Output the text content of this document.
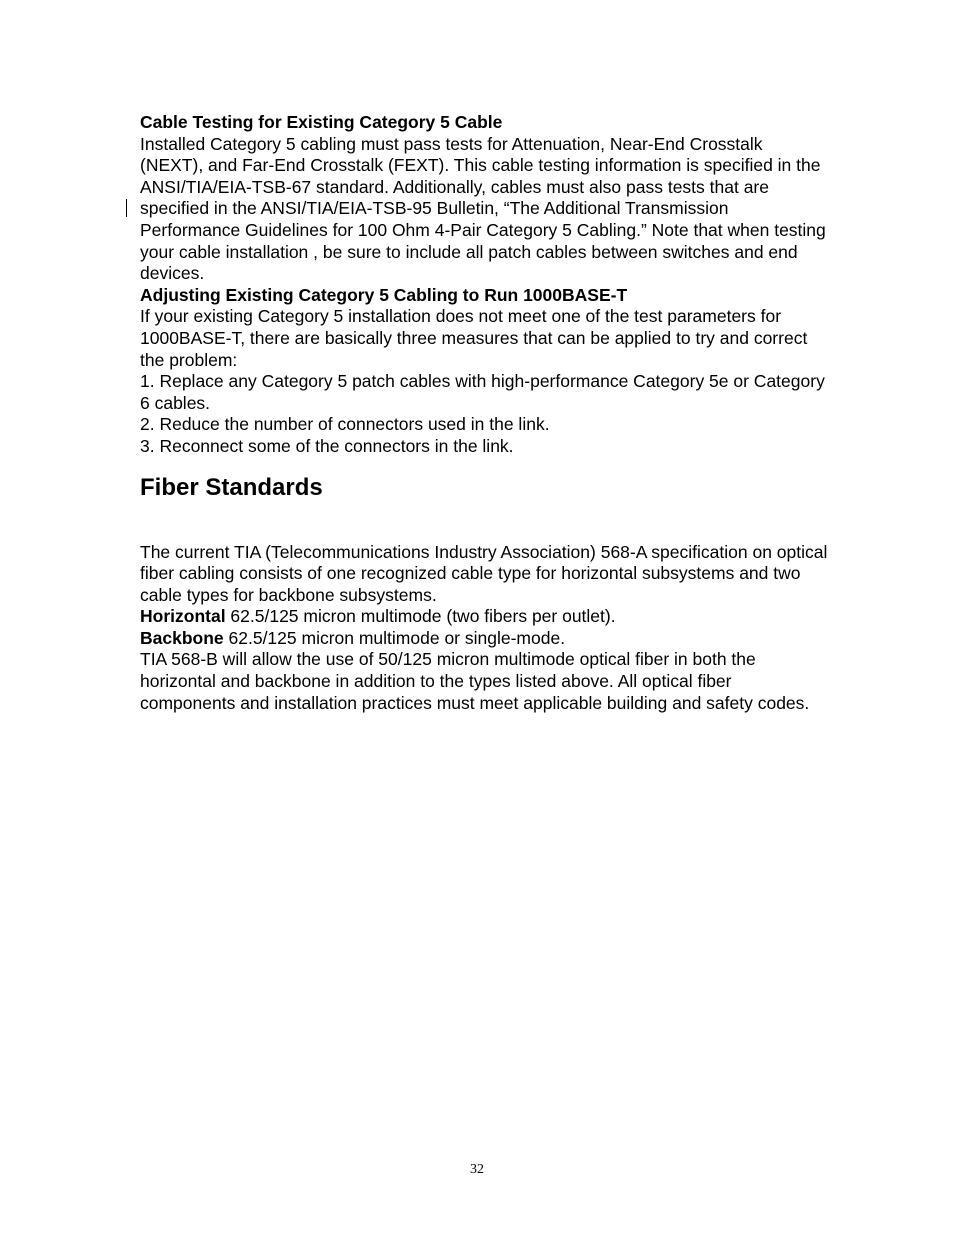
Cable Testing for Existing Category 5 Cable

Installed Category 5 cabling must pass tests for Attenuation, Near-End Crosstalk (NEXT), and Far-End Crosstalk (FEXT). This cable testing information is specified in the ANSI/TIA/EIA-TSB-67 standard. Additionally, cables must also pass tests that are specified in the ANSI/TIA/EIA-TSB-95 Bulletin, “The Additional Transmission Performance Guidelines for 100 Ohm 4-Pair Category 5 Cabling.” Note that when testing your cable installation , be sure to include all patch cables between switches and end devices.

Adjusting Existing Category 5 Cabling to Run 1000BASE-T

If your existing Category 5 installation does not meet one of the test parameters for 1000BASE-T, there are basically three measures that can be applied to try and correct the problem:

1. Replace any Category 5 patch cables with high-performance Category 5e or Category 6 cables.

2. Reduce the number of connectors used in the link.

3. Reconnect some of the connectors in the link.

Fiber Standards

The current TIA (Telecommunications Industry Association) 568-A specification on optical fiber cabling consists of one recognized cable type for horizontal subsystems and two cable types for backbone subsystems.

Horizontal 62.5/125 micron multimode (two fibers per outlet).

Backbone 62.5/125 micron multimode or single-mode.

TIA 568-B will allow the use of 50/125 micron multimode optical fiber in both the horizontal and backbone in addition to the types listed above. All optical fiber components and installation practices must meet applicable building and safety codes.

32
